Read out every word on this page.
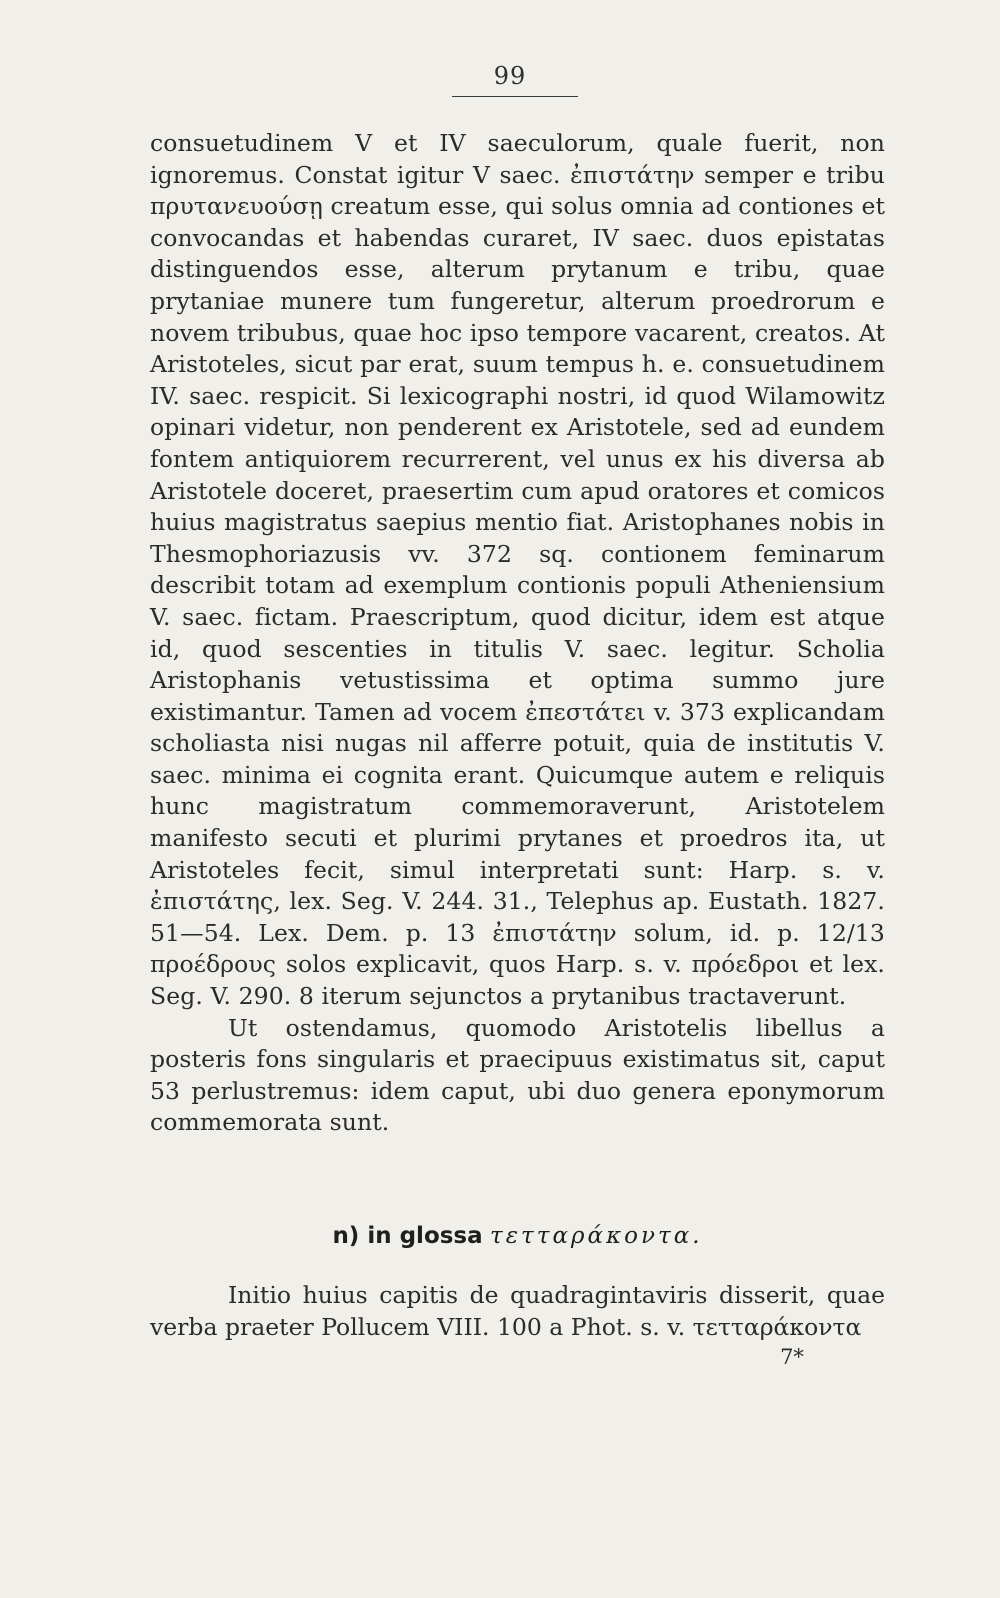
99

consuetudinem V et IV saeculorum, quale fuerit, non ignoremus. Constat igitur V saec. ἐπιστάτην semper e tribu πρυτανευούσῃ creatum esse, qui solus omnia ad contiones et convocandas et habendas curaret, IV saec. duos epistatas distinguendos esse, alterum prytanum e tribu, quae prytaniae munere tum fungeretur, alterum proedrorum e novem tribubus, quae hoc ipso tempore vacarent, creatos. At Aristoteles, sicut par erat, suum tempus h. e. consuetudinem IV. saec. respicit. Si lexicographi nostri, id quod Wilamowitz opinari videtur, non penderent ex Aristotele, sed ad eundem fontem antiquiorem recurrerent, vel unus ex his diversa ab Aristotele doceret, praesertim cum apud oratores et comicos huius magistratus saepius mentio fiat. Aristophanes nobis in Thesmophoriazusis vv. 372 sq. contionem feminarum describit totam ad exemplum contionis populi Atheniensium V. saec. fictam. Praescriptum, quod dicitur, idem est atque id, quod sescenties in titulis V. saec. legitur. Scholia Aristophanis vetustissima et optima summo jure existimantur. Tamen ad vocem ἐπεστάτει v. 373 explicandam scholiasta nisi nugas nil afferre potuit, quia de institutis V. saec. minima ei cognita erant. Quicumque autem e reliquis hunc magistratum commemoraverunt, Aristotelem manifesto secuti et plurimi prytanes et proedros ita, ut Aristoteles fecit, simul interpretati sunt: Harp. s. v. ἐπιστάτης, lex. Seg. V. 244. 31., Telephus ap. Eustath. 1827. 51—54. Lex. Dem. p. 13 ἐπιστάτην solum, id. p. 12/13 προέδρους solos explicavit, quos Harp. s. v. πρόεδροι et lex. Seg. V. 290. 8 iterum sejunctos a prytanibus tractaverunt.

Ut ostendamus, quomodo Aristotelis libellus a posteris fons singularis et praecipuus existimatus sit, caput 53 perlustremus: idem caput, ubi duo genera eponymorum commemorata sunt.

n) in glossa τετταράκοντα.

Initio huius capitis de quadragintaviris disserit, quae verba praeter Pollucem VIII. 100 a Phot. s. v. τετταράκοντα

7*
